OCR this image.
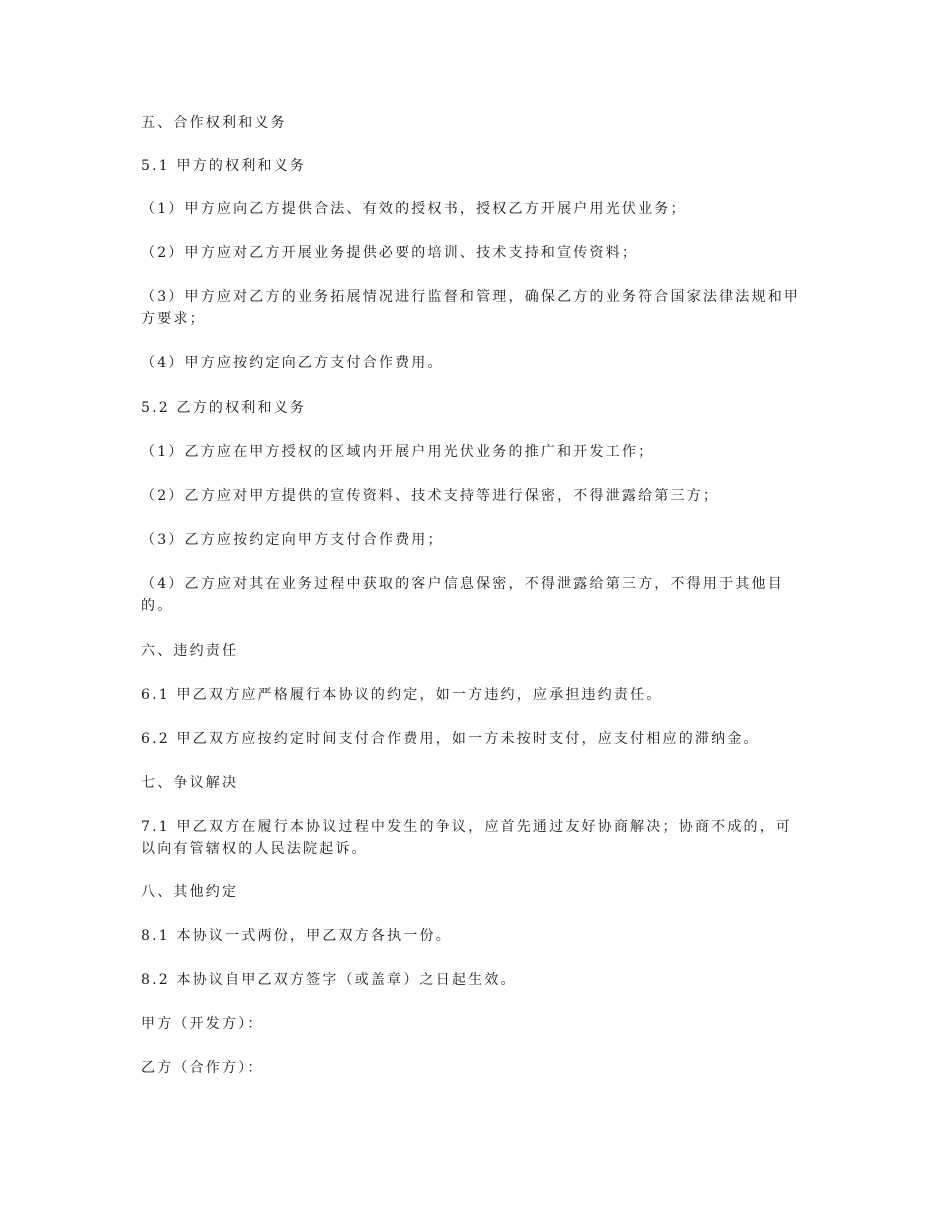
五、合作权利和义务

5.1 甲方的权利和义务

（1）甲方应向乙方提供合法、有效的授权书，授权乙方开展户用光伏业务；

（2）甲方应对乙方开展业务提供必要的培训、技术支持和宣传资料；

（3）甲方应对乙方的业务拓展情况进行监督和管理，确保乙方的业务符合国家法律法规和甲方要求；

（4）甲方应按约定向乙方支付合作费用。

5.2 乙方的权利和义务

（1）乙方应在甲方授权的区域内开展户用光伏业务的推广和开发工作；

（2）乙方应对甲方提供的宣传资料、技术支持等进行保密，不得泄露给第三方；

（3）乙方应按约定向甲方支付合作费用；

（4）乙方应对其在业务过程中获取的客户信息保密，不得泄露给第三方，不得用于其他目的。

六、违约责任

6.1 甲乙双方应严格履行本协议的约定，如一方违约，应承担违约责任。

6.2 甲乙双方应按约定时间支付合作费用，如一方未按时支付，应支付相应的滞纳金。

七、争议解决

7.1 甲乙双方在履行本协议过程中发生的争议，应首先通过友好协商解决；协商不成的，可以向有管辖权的人民法院起诉。

八、其他约定

8.1 本协议一式两份，甲乙双方各执一份。

8.2 本协议自甲乙双方签字（或盖章）之日起生效。

甲方（开发方）：

乙方（合作方）：
